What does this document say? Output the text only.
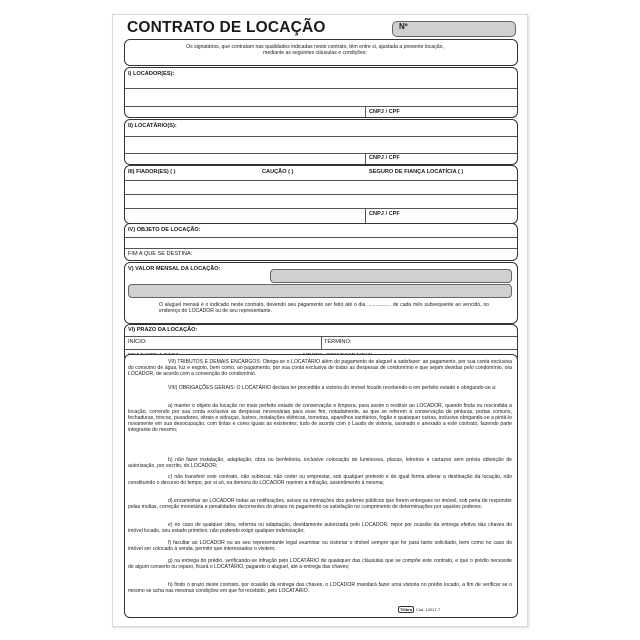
CONTRATO DE LOCAÇÃO	Nº
Os signatários, que contratam nas qualidades indicadas neste contrato, têm entre si, ajustada a presente locação, mediante as seguintes cláusulas e condições:
I) LOCADOR(ES):
CNPJ / CPF
II) LOCATÁRIO(S):
CNPJ / CPF
III) FIADOR(ES) ( )	CAUÇÃO ( )	SEGURO DE FIANÇA LOCATÍCIA ( )
CNPJ / CPF
IV) OBJETO DE LOCAÇÃO:
FIM A QUE SE DESTINA:
V) VALOR MENSAL DA LOCAÇÃO:
O aluguel mensal é o indicado neste contrato, devendo seu pagamento ser feito até o dia ................. de cada mês subsequente ao vencido, no endereço do LOCADOR ou de seu representante.
VI) PRAZO DA LOCAÇÃO:
INÍCIO:	TÉRMINO:
VII) TRIBUTOS E DEMAIS ENCARGOS: Obriga-se o LOCATÁRIO além do pagamento de aluguel a satisfazer: ao pagamento, por sua conta exclusiva do consumo de água, luz e esgoto, bem como, ao pagamento, por sua conta exclusiva de todas as despesas de condomínio e que sejam devidas pelo condomínio, ora LOCADOR, de acordo com a convenção do condomínio.
VIII) OBRIGAÇÕES GERAIS: O LOCATÁRIO declara ter procedido a vistoria do imóvel locado recebendo-o em perfeito estado e obrigando-se a:
a) manter o objeto da locação no mais perfeito estado de conservação e limpeza, para assim o restituir ao LOCADOR, quando finda ou rescindida a locação, correndo por sua conta exclusiva as despesas necessárias para esse fim, notadamente, as que se referem à conservação de pinturas, portas comuns, fechaduras, trincos, puxadores, vitrais e vidraças, lustres, instalações elétricas, torneiras, aparelhos sanitários, fogão e quaisquer outras, inclusive obrigando-se a pintá-lo novamente em sua desocupação, com tintas e cores iguais as existentes; tudo de acordo com o Laudo de vistoria, assinado e anexado a este contrato, fazendo parte integrante do mesmo;
b) não fazer instalação, adaptação, obra ou benfeitoria, inclusive colocação de luminosos, placas, letreiros e cartazes sem prévia obtenção de autorização, por escrito, do LOCADOR;
c) não transferir este contrato, não sublocar, não ceder ou emprestar, sob qualquer pretexto e de igual forma alterar a destinação da locação, não constituindo o decurso do tempo, por si só, na demora do LOCADOR reprimir a infração, assentimento à mesma;
d) encaminhar ao LOCADOR todas as notificações, avisos ou intimações dos poderes públicos que forem entregues no imóvel, sob pena de responder pelas multas, correção monetária e penalidades decorrentes do atraso no pagamento ou satisfação no cumprimento de determinações por aqueles poderes;
e) no caso de qualquer obra, reforma ou adaptação, devidamente autorizada pelo LOCADOR, repor por ocasião da entrega efetiva das chaves do imóvel locado, seu estado primitivo, não podendo exigir qualquer indenização;
f) facultar ao LOCADOR ou ao seu representante legal examinar ou vistoriar o imóvel sempre que for para tanto solicitado, bem como no caso do imóvel ser colocado à venda, permitir que interessados o visitem;
g) na entrega do prédio, verificando-se infração pelo LOCATÁRIO de quaisquer das cláusulas que se compõe este contrato, e que o prédio necessite de algum conserto ou reparo, ficará o LOCATÁRIO, pagando o aluguel, até a entrega das chaves;
h) findo o prazo deste contrato, por ocasião da entrega das chaves, o LOCADOR mandará fazer uma vistoria no prédio locado, a fim de verificar se o mesmo se acha nas mesmas condições em que foi recebido, pelo LOCATÁRIO.
Tilibra Cód. 10017-7
